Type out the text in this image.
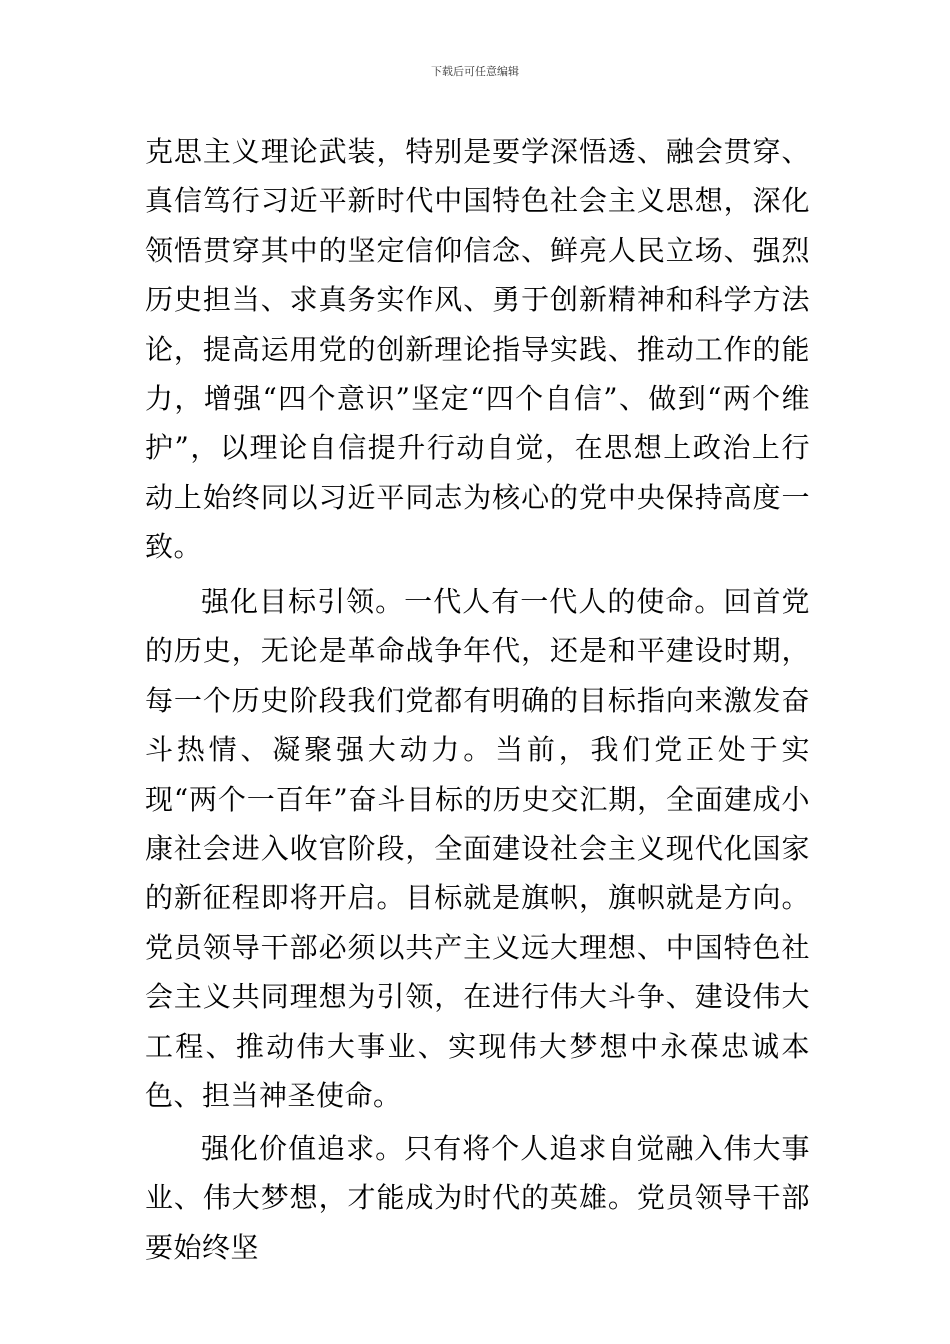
下载后可任意编辑

克思主义理论武装，特别是要学深悟透、融会贯穿、真信笃行习近平新时代中国特色社会主义思想，深化领悟贯穿其中的坚定信仰信念、鲜亮人民立场、强烈历史担当、求真务实作风、勇于创新精神和科学方法论，提高运用党的创新理论指导实践、推动工作的能力，增强“四个意识”坚定“四个自信”、做到“两个维护”，以理论自信提升行动自觉，在思想上政治上行动上始终同以习近平同志为核心的党中央保持高度一致。

强化目标引领。一代人有一代人的使命。回首党的历史，无论是革命战争年代，还是和平建设时期，每一个历史阶段我们党都有明确的目标指向来激发奋斗热情、凝聚强大动力。当前，我们党正处于实现“两个一百年”奋斗目标的历史交汇期，全面建成小康社会进入收官阶段，全面建设社会主义现代化国家的新征程即将开启。目标就是旗帜，旗帜就是方向。党员领导干部必须以共产主义远大理想、中国特色社会主义共同理想为引领，在进行伟大斗争、建设伟大工程、推动伟大事业、实现伟大梦想中永葆忠诚本色、担当神圣使命。

强化价值追求。只有将个人追求自觉融入伟大事业、伟大梦想，才能成为时代的英雄。党员领导干部要始终坚
